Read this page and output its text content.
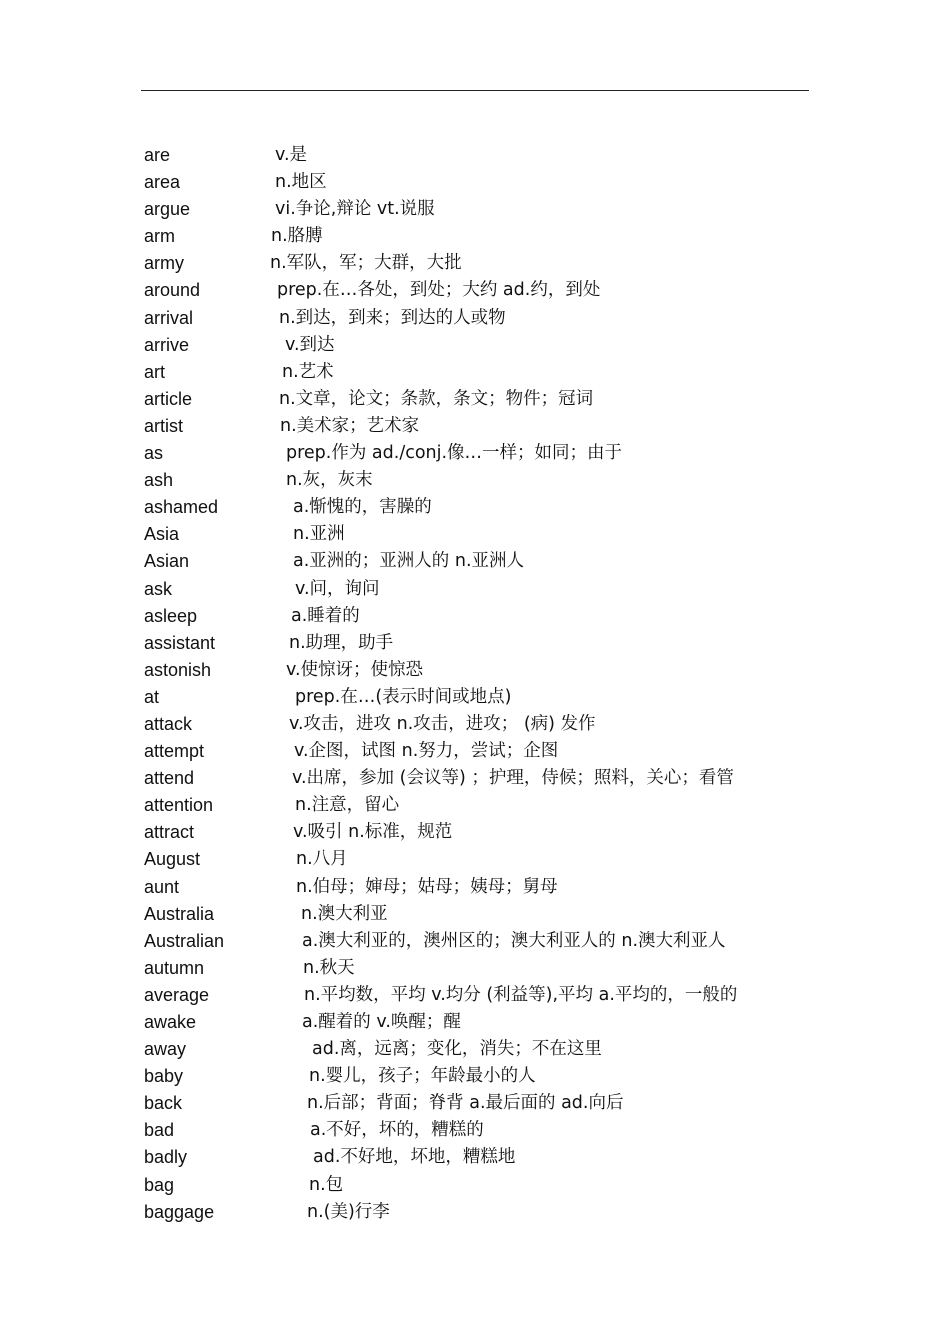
are	v.是
area	n.地区
argue	vi.争论,辩论 vt.说服
arm	n.胳膊
army	n.军队，军；大群，大批
around	prep.在…各处，到处；大约 ad.约，到处
arrival	n.到达，到来；到达的人或物
arrive	v.到达
art	n.艺术
article	n.文章，论文；条款，条文；物件；冠词
artist	n.美术家；艺术家
as	prep.作为 ad./conj.像…一样；如同；由于
ash	n.灰，灰末
ashamed	a.惭愧的，害臊的
Asia	n.亚洲
Asian	a.亚洲的；亚洲人的 n.亚洲人
ask	v.问，询问
asleep	a.睡着的
assistant	n.助理，助手
astonish	v.使惊讶；使惊恐
at	prep.在…(表示时间或地点)
attack	v.攻击，进攻 n.攻击，进攻； (病) 发作
attempt	v.企图，试图 n.努力，尝试；企图
attend	v.出席，参加 (会议等) ；护理，侍候；照料，关心；看管
attention	n.注意，留心
attract	v.吸引 n.标准，规范
August	n.八月
aunt	n.伯母；婶母；姑母；姨母；舅母
Australia	n.澳大利亚
Australian	a.澳大利亚的，澳州区的；澳大利亚人的 n.澳大利亚人
autumn	n.秋天
average	n.平均数，平均 v.均分 (利益等),平均 a.平均的，一般的
awake	a.醒着的 v.唤醒；醒
away	ad.离，远离；变化，消失；不在这里
baby	n.婴儿，孩子；年龄最小的人
back	n.后部；背面；脊背 a.最后面的 ad.向后
bad	a.不好，坏的，糟糕的
badly	ad.不好地，坏地，糟糕地
bag	n.包
baggage	n.(美)行李
